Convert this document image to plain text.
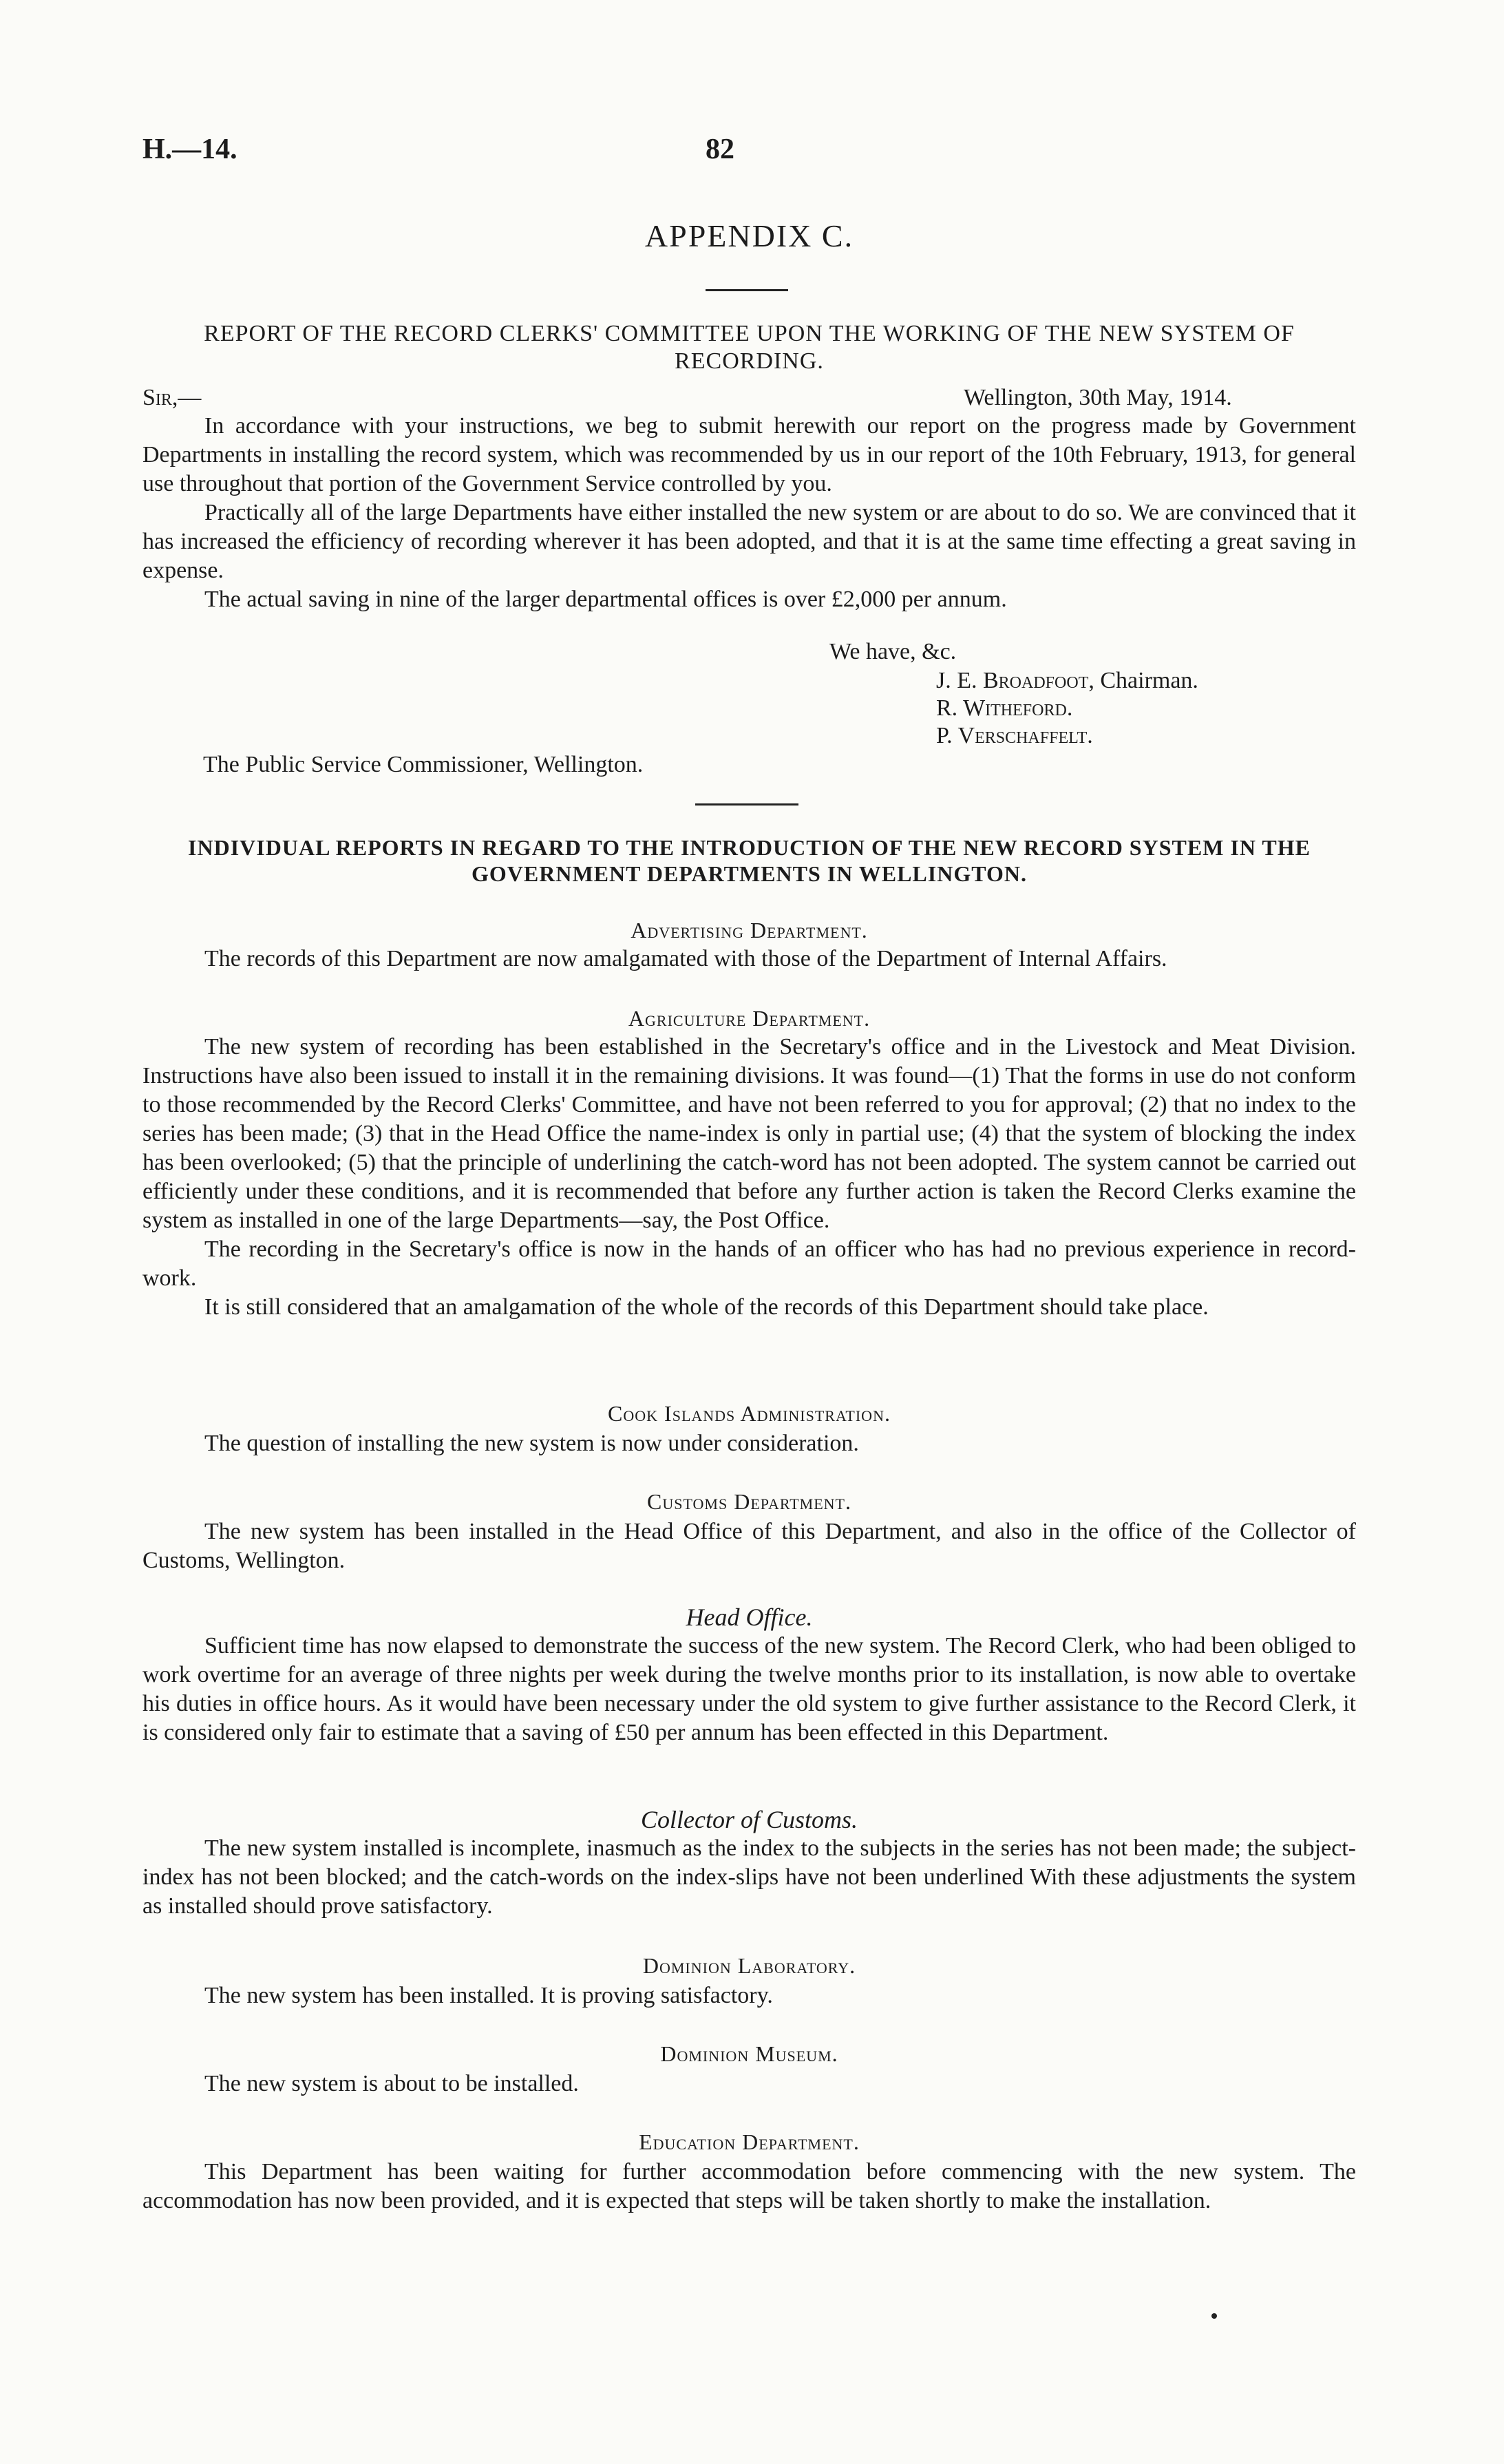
H.—14.	82
APPENDIX C.
REPORT OF THE RECORD CLERKS' COMMITTEE UPON THE WORKING OF THE NEW SYSTEM OF RECORDING.
Sir,—	Wellington, 30th May, 1914.

In accordance with your instructions, we beg to submit herewith our report on the progress made by Government Departments in installing the record system, which was recommended by us in our report of the 10th February, 1913, for general use throughout that portion of the Government Service controlled by you.

Practically all of the large Departments have either installed the new system or are about to do so. We are convinced that it has increased the efficiency of recording wherever it has been adopted, and that it is at the same time effecting a great saving in expense.

The actual saving in nine of the larger departmental offices is over £2,000 per annum.

We have, &c.
J. E. Broadfoot, Chairman.
R. Witheford.
P. Verschaffelt.
The Public Service Commissioner, Wellington.
INDIVIDUAL REPORTS IN REGARD TO THE INTRODUCTION OF THE NEW RECORD SYSTEM IN THE GOVERNMENT DEPARTMENTS IN WELLINGTON.
Advertising Department.

The records of this Department are now amalgamated with those of the Department of Internal Affairs.

Agriculture Department.

The new system of recording has been established in the Secretary's office and in the Livestock and Meat Division. Instructions have also been issued to install it in the remaining divisions. It was found—(1) That the forms in use do not conform to those recommended by the Record Clerks' Committee, and have not been referred to you for approval; (2) that no index to the series has been made; (3) that in the Head Office the name-index is only in partial use; (4) that the system of blocking the index has been overlooked; (5) that the principle of underlining the catch-word has not been adopted. The system cannot be carried out efficiently under these conditions, and it is recommended that before any further action is taken the Record Clerks examine the system as installed in one of the large Departments—say, the Post Office.

The recording in the Secretary's office is now in the hands of an officer who has had no previous experience in record-work.

It is still considered that an amalgamation of the whole of the records of this Department should take place.

Cook Islands Administration.

The question of installing the new system is now under consideration.

Customs Department.

The new system has been installed in the Head Office of this Department, and also in the office of the Collector of Customs, Wellington.

Head Office.

Sufficient time has now elapsed to demonstrate the success of the new system. The Record Clerk, who had been obliged to work overtime for an average of three nights per week during the twelve months prior to its installation, is now able to overtake his duties in office hours. As it would have been necessary under the old system to give further assistance to the Record Clerk, it is considered only fair to estimate that a saving of £50 per annum has been effected in this Department.

Collector of Customs.

The new system installed is incomplete, inasmuch as the index to the subjects in the series has not been made; the subject-index has not been blocked; and the catch-words on the index-slips have not been underlined With these adjustments the system as installed should prove satisfactory.

Dominion Laboratory.

The new system has been installed. It is proving satisfactory.

Dominion Museum.

The new system is about to be installed.

Education Department.

This Department has been waiting for further accommodation before commencing with the new system. The accommodation has now been provided, and it is expected that steps will be taken shortly to make the installation.
